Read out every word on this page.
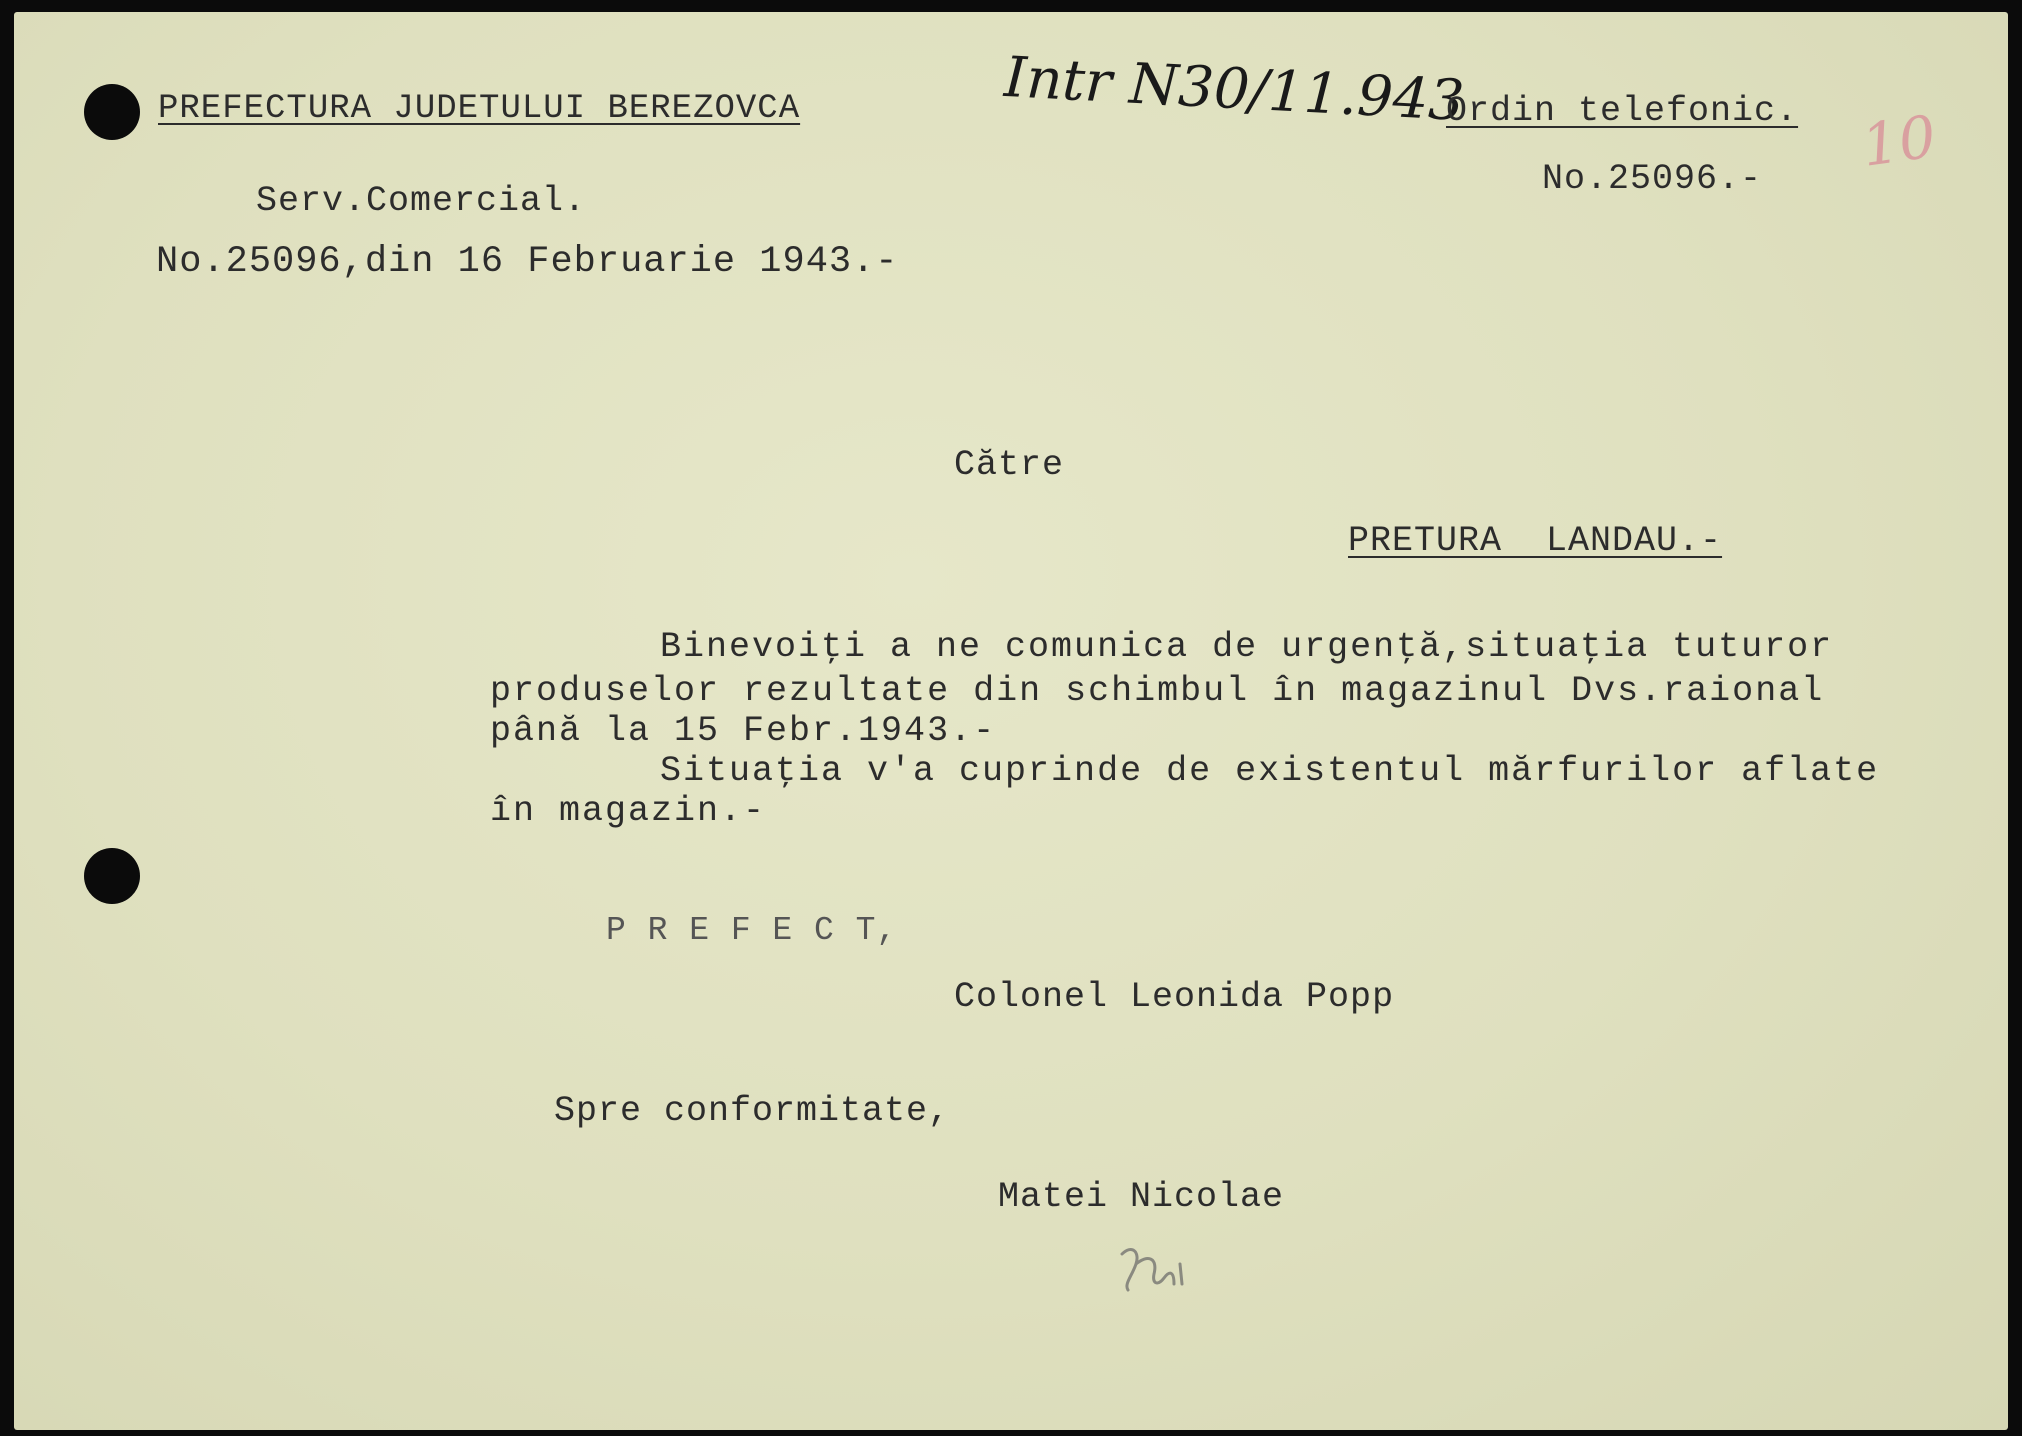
PREFECTURA JUDETULUI BEREZOVCA	Intr N30/11.943
Ordin telefonic. 10
No.25096.-
Serv.Comercial.
No.25096,din 16 Februarie 1943.-
Către
PRETURA  LANDAU.-
Binevoiţi a ne comunica de urgenţă,situaţia tuturor
produselor rezultate din schimbul în magazinul Dvs.raional
până la 15 Febr.1943.-
Situaţia v'a cuprinde de existentul mărfurilor aflate
în magazin.-
P R E F E C T,
Colonel Leonida Popp
Spre conformitate,
Matei Nicolae
